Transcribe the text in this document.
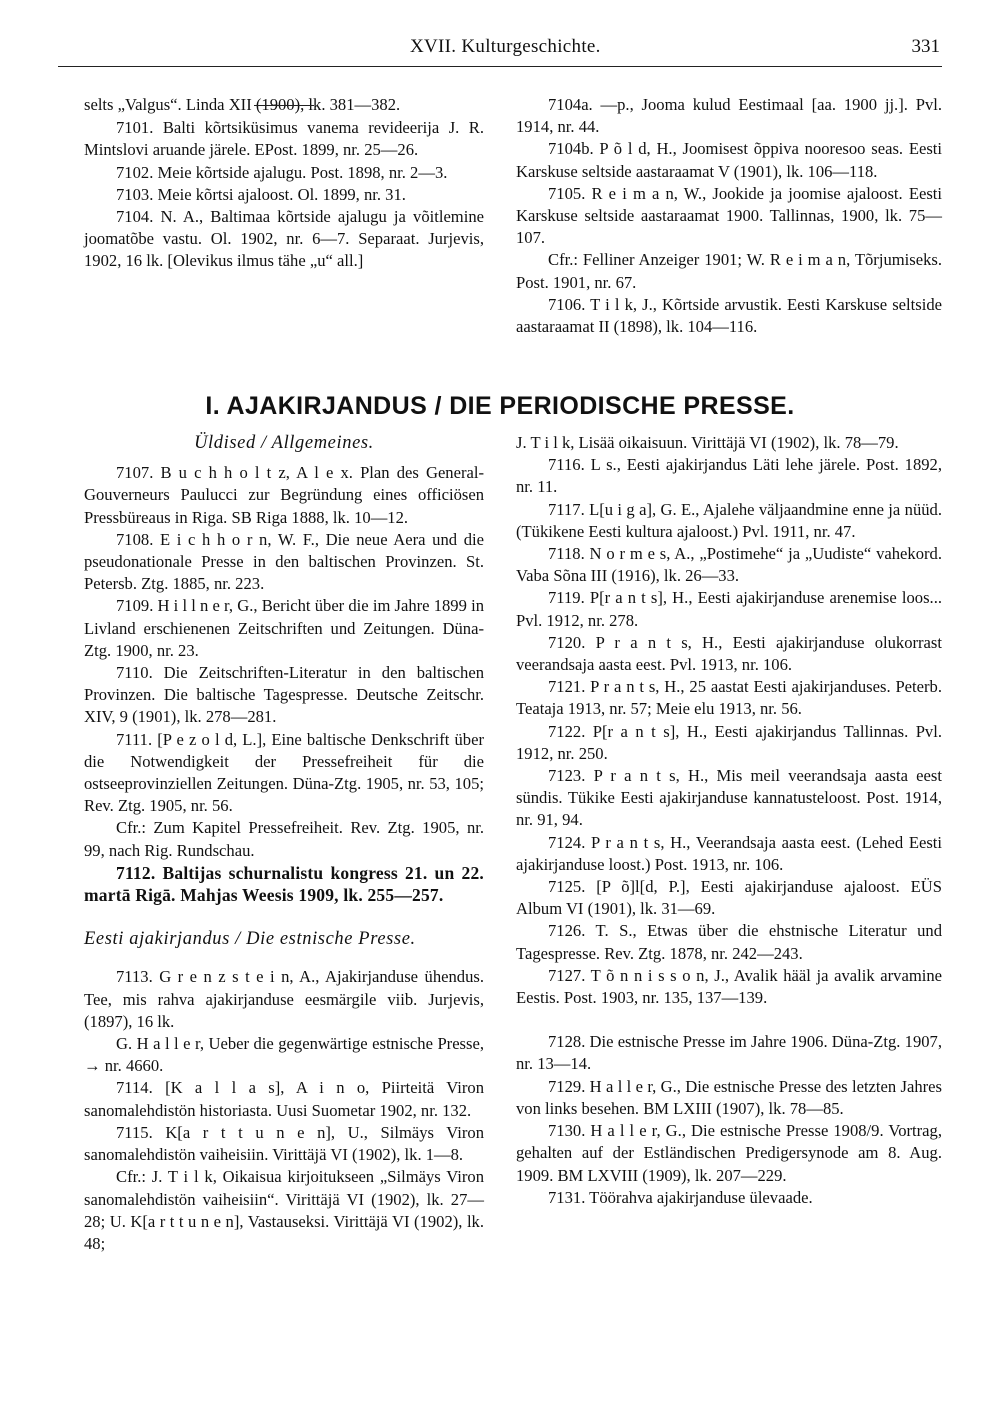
XVII. Kulturgeschichte.	331

selts „Valgus“. Linda XII (1900), lk. 381—382.

7101. Balti kõrtsiküsimus vanema revideerija J. R. Mintslovi aruande järele. EPost. 1899, nr. 25—26.

7102. Meie kõrtside ajalugu. Post. 1898, nr. 2—3.

7103. Meie kõrtsi ajaloost. Ol. 1899, nr. 31.

7104. N. A., Baltimaa kõrtside ajalugu ja võitlemine joomatõbe vastu. Ol. 1902, nr. 6—7. Separaat. Jurjevis, 1902, 16 lk. [Olevikus ilmus tähe „u“ all.]

7104a. —p., Jooma kulud Eestimaal [aa. 1900 jj.]. Pvl. 1914, nr. 44.

7104b. P õ l d, H., Joomisest õppiva nooresoo seas. Eesti Karskuse seltside aastaraamat V (1901), lk. 106—118.

7105. R e i m a n, W., Jookide ja joomise ajaloost. Eesti Karskuse seltside aastaraamat 1900. Tallinnas, 1900, lk. 75—107.

Cfr.: Felliner Anzeiger 1901; W. R e i m a n, Tõrjumiseks. Post. 1901, nr. 67.

7106. T i l k, J., Kõrtside arvustik. Eesti Karskuse seltside aastaraamat II (1898), lk. 104—116.

I. AJAKIRJANDUS / DIE PERIODISCHE PRESSE.

Üldised / Allgemeines.

7107. B u c h h o l t z, A l e x. Plan des General-Gouverneurs Paulucci zur Begründung eines officiösen Pressbüreaus in Riga. SB Riga 1888, lk. 10—12.

7108. E i c h h o r n, W. F., Die neue Aera und die pseudonationale Presse in den baltischen Provinzen. St. Petersb. Ztg. 1885, nr. 223.

7109. H i l l n e r, G., Bericht über die im Jahre 1899 in Livland erschienenen Zeitschriften und Zeitungen. Düna-Ztg. 1900, nr. 23.

7110. Die Zeitschriften-Literatur in den baltischen Provinzen. Die baltische Tagespresse. Deutsche Zeitschr. XIV, 9 (1901), lk. 278—281.

7111. [P e z o l d, L.], Eine baltische Denkschrift über die Notwendigkeit der Pressefreiheit für die ostseeprovinziellen Zeitungen. Düna-Ztg. 1905, nr. 53, 105; Rev. Ztg. 1905, nr. 56.

Cfr.: Zum Kapitel Pressefreiheit. Rev. Ztg. 1905, nr. 99, nach Rig. Rundschau.

7112. Baltijas schurnalistu kongress 21. un 22. martā Rigā. Mahjas Weesis 1909, lk. 255—257.

Eesti ajakirjandus / Die estnische Presse.

7113. G r e n z s t e i n, A., Ajakirjanduse ühendus. Tee, mis rahva ajakirjanduse eesmärgile viib. Jurjevis, (1897), 16 lk.

G. H a l l e r, Ueber die gegenwärtige estnische Presse, → nr. 4660.

7114. [K a l l a s], A i n o, Piirteitä Viron sanomalehdistön historiasta. Uusi Suometar 1902, nr. 132.

7115. K[a r t t u n e n], U., Silmäys Viron sanomalehdistön vaiheisiin. Virittäjä VI (1902), lk. 1—8.

Cfr.: J. T i l k, Oikaisua kirjoitukseen „Silmäys Viron sanomalehdistön vaiheisiin“. Virittäjä VI (1902), lk. 27—28; U. K[a r t t u n e n], Vastauseksi. Virittäjä VI (1902), lk. 48;

J. T i l k, Lisää oikaisuun. Virittäjä VI (1902), lk. 78—79.

7116. L s., Eesti ajakirjandus Läti lehe järele. Post. 1892, nr. 11.

7117. L[u i g a], G. E., Ajalehe väljaandmine enne ja nüüd. (Tükikene Eesti kultura ajaloost.) Pvl. 1911, nr. 47.

7118. N o r m e s, A., „Postimehe“ ja „Uudiste“ vahekord. Vaba Sõna III (1916), lk. 26—33.

7119. P[r a n t s], H., Eesti ajakirjanduse arenemise loos... Pvl. 1912, nr. 278.

7120. P r a n t s, H., Eesti ajakirjanduse olukorrast veerandsaja aasta eest. Pvl. 1913, nr. 106.

7121. P r a n t s, H., 25 aastat Eesti ajakirjanduses. Peterb. Teataja 1913, nr. 57; Meie elu 1913, nr. 56.

7122. P[r a n t s], H., Eesti ajakirjandus Tallinnas. Pvl. 1912, nr. 250.

7123. P r a n t s, H., Mis meil veerandsaja aasta eest sündis. Tükike Eesti ajakirjanduse kannatusteloost. Post. 1914, nr. 91, 94.

7124. P r a n t s, H., Veerandsaja aasta eest. (Lehed Eesti ajakirjanduse loost.) Post. 1913, nr. 106.

7125. [P õ]l[d, P.], Eesti ajakirjanduse ajaloost. EÜS Album VI (1901), lk. 31—69.

7126. T. S., Etwas über die ehstnische Literatur und Tagespresse. Rev. Ztg. 1878, nr. 242—243.

7127. T õ n n i s s o n, J., Avalik hääl ja avalik arvamine Eestis. Post. 1903, nr. 135, 137—139.

7128. Die estnische Presse im Jahre 1906. Düna-Ztg. 1907, nr. 13—14.

7129. H a l l e r, G., Die estnische Presse des letzten Jahres von links besehen. BM LXIII (1907), lk. 78—85.

7130. H a l l e r, G., Die estnische Presse 1908/9. Vortrag, gehalten auf der Estländischen Predigersynode am 8. Aug. 1909. BM LXVIII (1909), lk. 207—229.

7131. Töörahva ajakirjanduse ülevaade.
